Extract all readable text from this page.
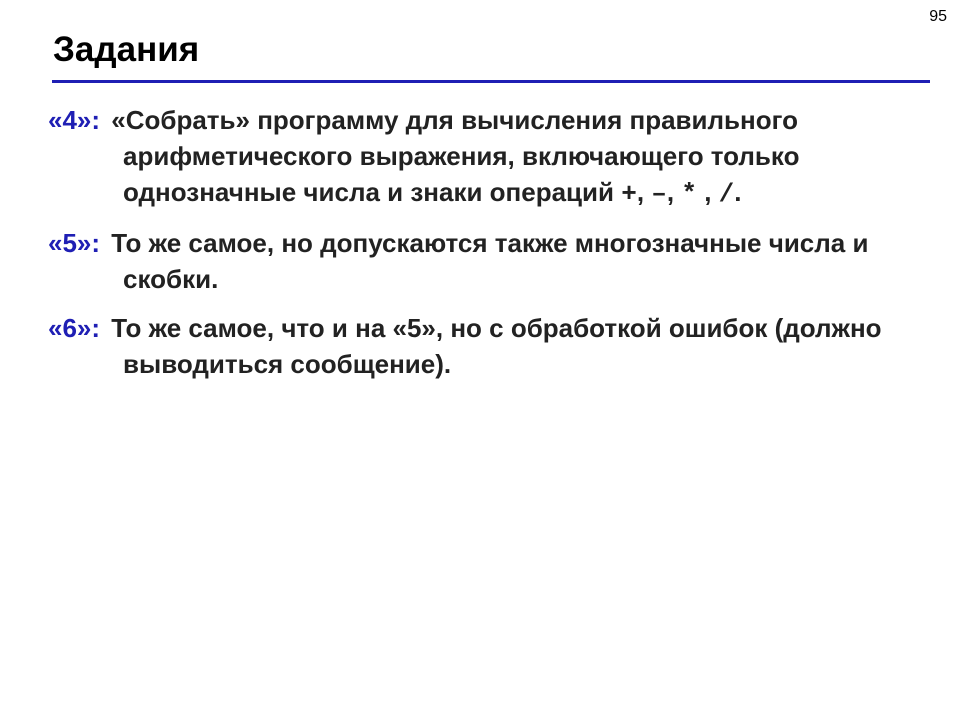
95
Задания
«4»: «Собрать» программу для вычисления правильного арифметического выражения, включающего только однозначные числа и знаки операций +, –, * , /.
«5»: То же самое, но допускаются также многозначные числа и скобки.
«6»: То же самое, что и на «5», но с обработкой ошибок (должно выводиться сообщение).
